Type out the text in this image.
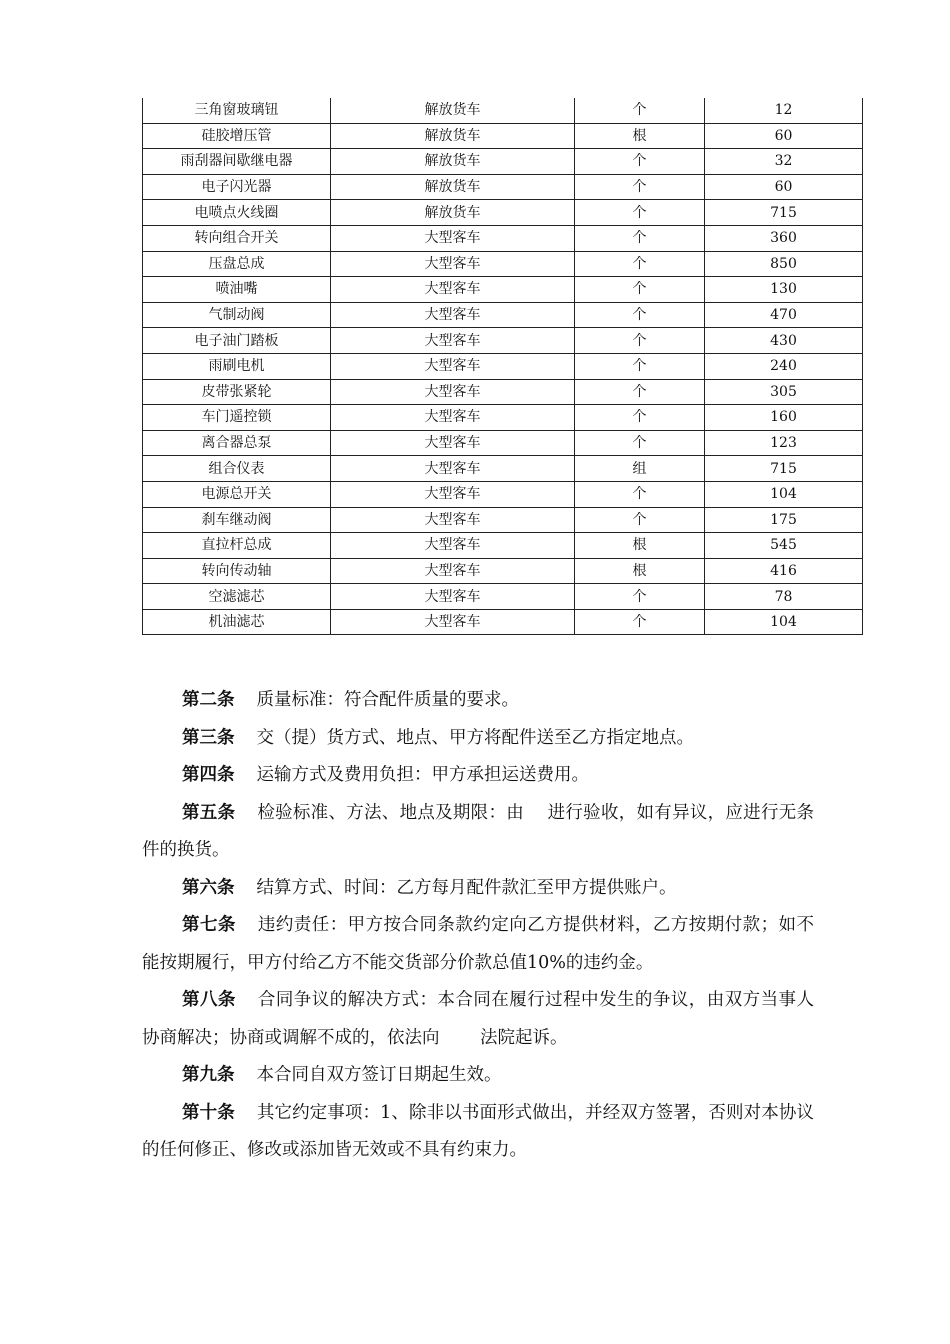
三角窗玻璃钮	解放货车	个	12
硅胶增压管	解放货车	根	60
雨刮器间歇继电器	解放货车	个	32
电子闪光器	解放货车	个	60
电喷点火线圈	解放货车	个	715
转向组合开关	大型客车	个	360
压盘总成	大型客车	个	850
喷油嘴	大型客车	个	130
气制动阀	大型客车	个	470
电子油门踏板	大型客车	个	430
雨刷电机	大型客车	个	240
皮带张紧轮	大型客车	个	305
车门遥控锁	大型客车	个	160
离合器总泵	大型客车	个	123
组合仪表	大型客车	组	715
电源总开关	大型客车	个	104
刹车继动阀	大型客车	个	175
直拉杆总成	大型客车	根	545
转向传动轴	大型客车	根	416
空滤滤芯	大型客车	个	78
机油滤芯	大型客车	个	104

第二条 质量标准：符合配件质量的要求。

第三条 交（提）货方式、地点、甲方将配件送至乙方指定地点。

第四条 运输方式及费用负担：甲方承担运送费用。

第五条 检验标准、方法、地点及期限：由　 进行验收，如有异议，应进行无条件的换货。

第六条 结算方式、时间：乙方每月配件款汇至甲方提供账户。

第七条 违约责任：甲方按合同条款约定向乙方提供材料，乙方按期付款；如不能按期履行，甲方付给乙方不能交货部分价款总值10%的违约金。

第八条 合同争议的解决方式：本合同在履行过程中发生的争议，由双方当事人协商解决；协商或调解不成的，依法向　　 法院起诉。

第九条 本合同自双方签订日期起生效。

第十条 其它约定事项：1、除非以书面形式做出，并经双方签署，否则对本协议的任何修正、修改或添加皆无效或不具有约束力。
